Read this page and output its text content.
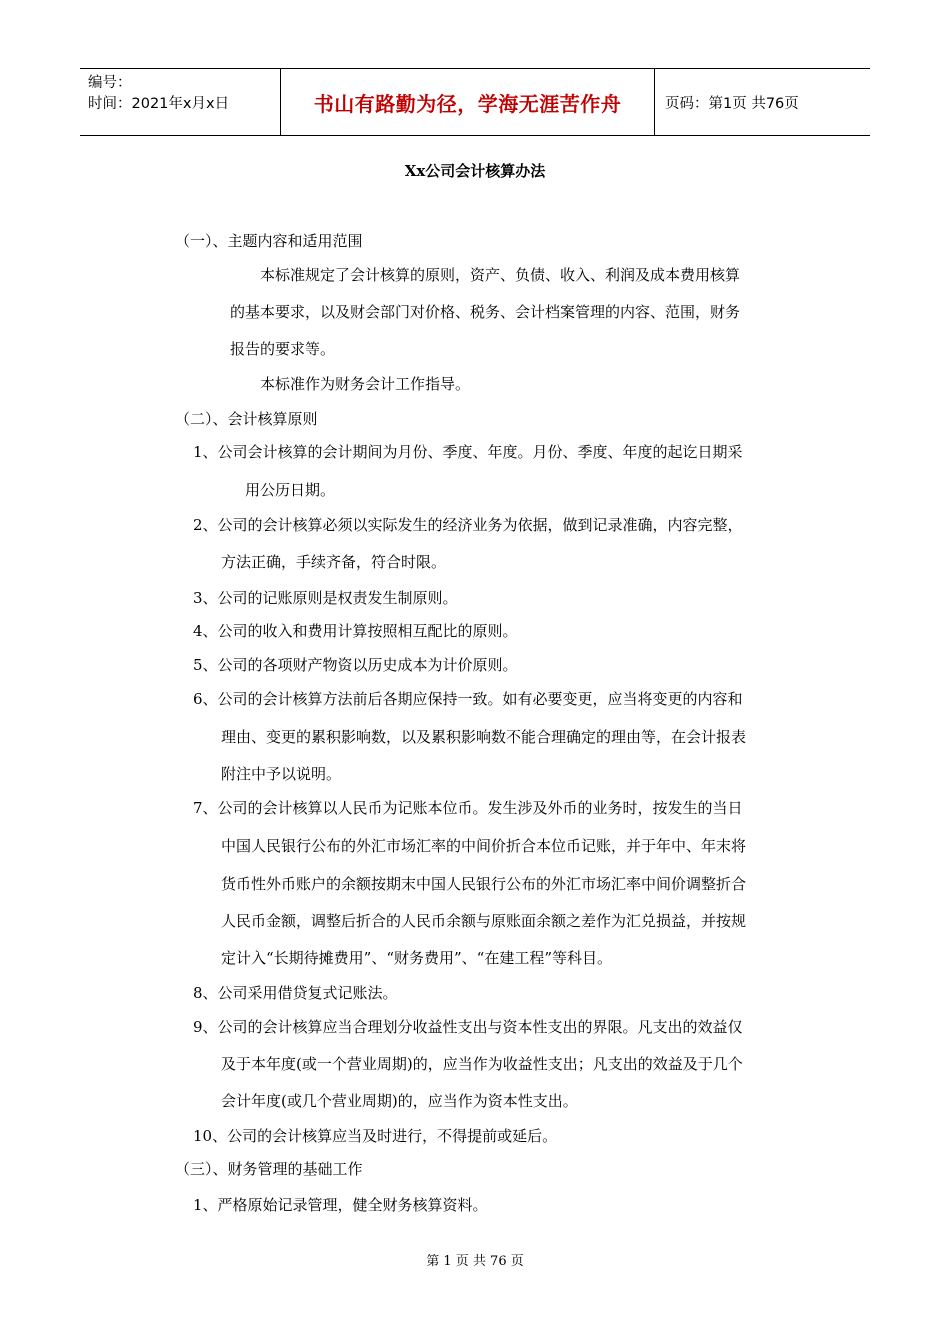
编号：
时间：2021年x月x日	书山有路勤为径，学海无涯苦作舟	页码：第1页 共76页
Xx公司会计核算办法
（一）、主题内容和适用范围
本标准规定了会计核算的原则，资产、负债、收入、利润及成本费用核算
的基本要求，以及财会部门对价格、税务、会计档案管理的内容、范围，财务
报告的要求等。
本标准作为财务会计工作指导。
（二）、会计核算原则
1、公司会计核算的会计期间为月份、季度、年度。月份、季度、年度的起讫日期采
用公历日期。
2、公司的会计核算必须以实际发生的经济业务为依据，做到记录准确，内容完整，
方法正确，手续齐备，符合时限。
3、公司的记账原则是权责发生制原则。
4、公司的收入和费用计算按照相互配比的原则。
5、公司的各项财产物资以历史成本为计价原则。
6、公司的会计核算方法前后各期应保持一致。如有必要变更，应当将变更的内容和
理由、变更的累积影响数，以及累积影响数不能合理确定的理由等，在会计报表
附注中予以说明。
7、公司的会计核算以人民币为记账本位币。发生涉及外币的业务时，按发生的当日
中国人民银行公布的外汇市场汇率的中间价折合本位币记账，并于年中、年末将
货币性外币账户的余额按期末中国人民银行公布的外汇市场汇率中间价调整折合
人民币金额，调整后折合的人民币余额与原账面余额之差作为汇兑损益，并按规
定计入“长期待摊费用”、“财务费用”、“在建工程”等科目。
8、公司采用借贷复式记账法。
9、公司的会计核算应当合理划分收益性支出与资本性支出的界限。凡支出的效益仅
及于本年度(或一个营业周期)的，应当作为收益性支出；凡支出的效益及于几个
会计年度(或几个营业周期)的，应当作为资本性支出。
10、公司的会计核算应当及时进行，不得提前或延后。
（三）、财务管理的基础工作
1、严格原始记录管理，健全财务核算资料。
第 1 页 共 76 页
